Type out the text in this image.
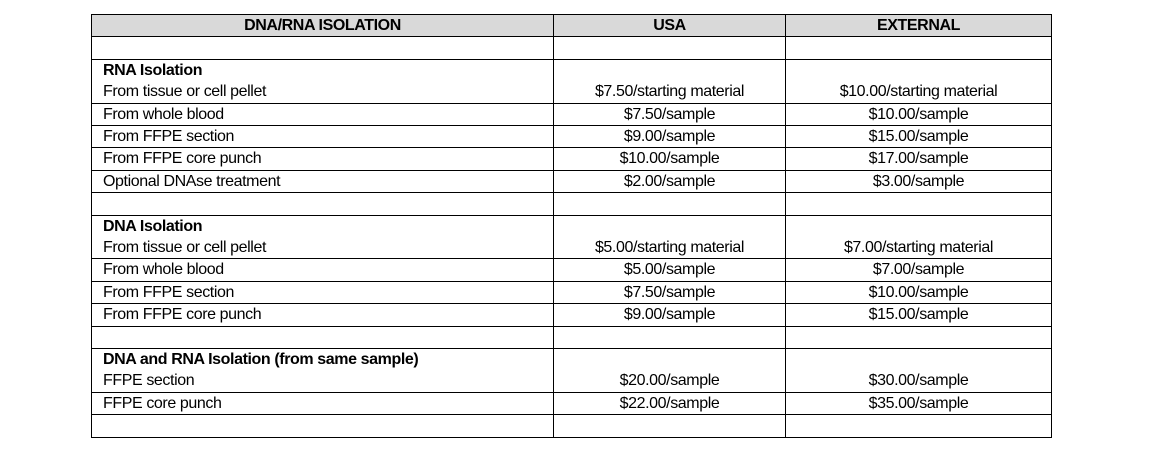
DNA/RNA ISOLATION	USA	EXTERNAL

RNA Isolation		
From tissue or cell pellet	$7.50/starting material	$10.00/starting material
From whole blood	$7.50/sample	$10.00/sample
From FFPE section	$9.00/sample	$15.00/sample
From FFPE core punch	$10.00/sample	$17.00/sample
Optional DNAse treatment	$2.00/sample	$3.00/sample

DNA Isolation		
From tissue or cell pellet	$5.00/starting material	$7.00/starting material
From whole blood	$5.00/sample	$7.00/sample
From FFPE section	$7.50/sample	$10.00/sample
From FFPE core punch	$9.00/sample	$15.00/sample

DNA and RNA Isolation (from same sample)		
FFPE section	$20.00/sample	$30.00/sample
FFPE core punch	$22.00/sample	$35.00/sample
